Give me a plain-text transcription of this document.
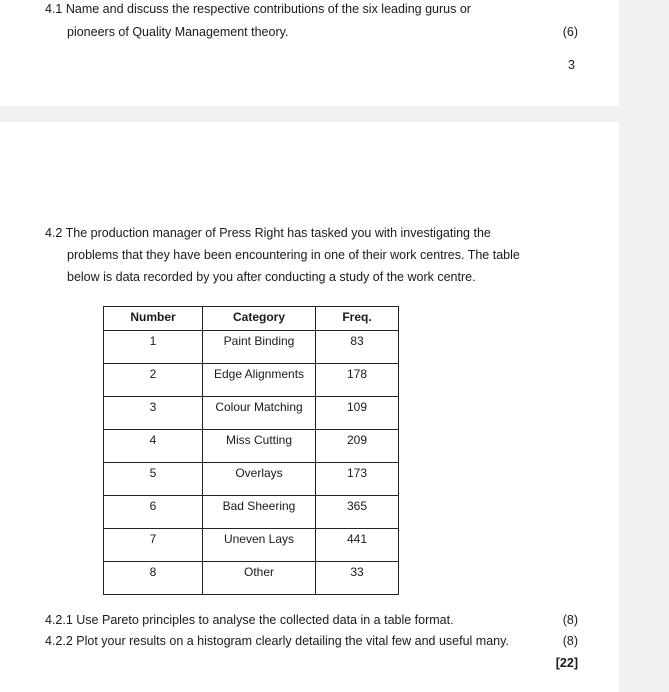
4.1 Name and discuss the respective contributions of the six leading gurus or
pioneers of Quality Management theory.	(6)
3
4.2 The production manager of Press Right has tasked you with investigating the
problems that they have been encountering in one of their work centres. The table
below is data recorded by you after conducting a study of the work centre.
Number	Category	Freq.
1	Paint Binding	83
2	Edge Alignments	178
3	Colour Matching	109
4	Miss Cutting	209
5	Overlays	173
6	Bad Sheering	365
7	Uneven Lays	441
8	Other	33
4.2.1 Use Pareto principles to analyse the collected data in a table format.	(8)
4.2.2 Plot your results on a histogram clearly detailing the vital few and useful many.	(8)
[22]
